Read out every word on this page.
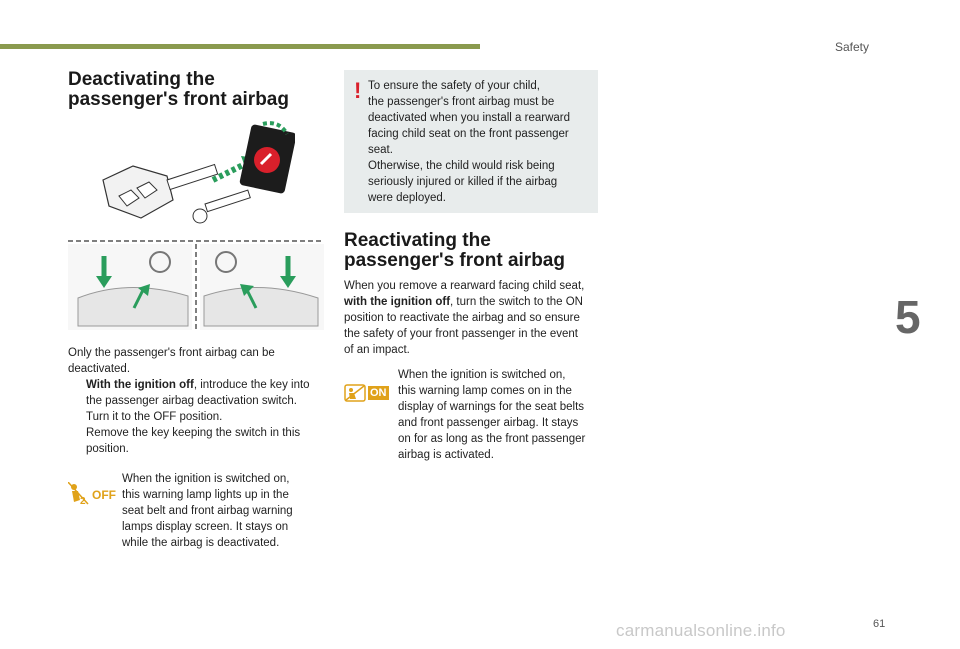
Safety
5
Deactivating the
passenger's front airbag
Only the passenger's front airbag can be
deactivated.
With the ignition off, introduce the key into
the passenger airbag deactivation switch.
Turn it to the OFF position.
Remove the key keeping the switch in this
position.
2 OFF
When the ignition is switched on,
this warning lamp lights up in the
seat belt and front airbag warning
lamps display screen. It stays on
while the airbag is deactivated.
! To ensure the safety of your child,
the passenger's front airbag must be
deactivated when you install a rearward
facing child seat on the front passenger
seat.
Otherwise, the child would risk being
seriously injured or killed if the airbag
were deployed.
Reactivating the
passenger's front airbag
When you remove a rearward facing child seat,
with the ignition off, turn the switch to the ON
position to reactivate the airbag and so ensure
the safety of your front passenger in the event
of an impact.
ON
When the ignition is switched on,
this warning lamp comes on in the
display of warnings for the seat belts
and front passenger airbag. It stays
on for as long as the front passenger
airbag is activated.
carmanualsonline.info	61
